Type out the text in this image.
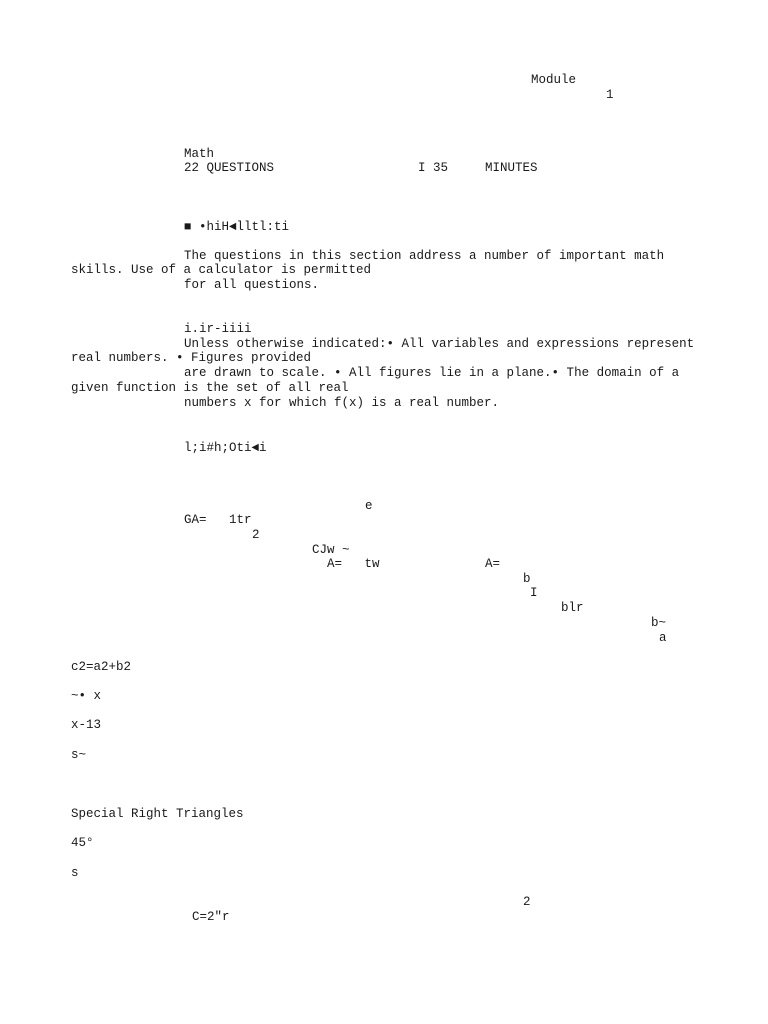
Module
1
Math
22 QUESTIONS	I 35	MINUTES
■ •hiH◄lltl:ti
The questions in this section address a number of important math
skills. Use of a calculator is permitted
for all questions.
i.ir-iiii
Unless otherwise indicated:• All variables and expressions represent
real numbers. • Figures provided
are drawn to scale. • All figures lie in a plane.• The domain of a
given function is the set of all real
numbers x for which f(x) is a real number.
l;i#h;Oti◄i
e
GA=   1tr
2
CJw ~
A=   tw	A=
b
I
blr
b~
a
c2=a2+b2
~• x
x-13
s~
Special Right Triangles
45°
s
2
C=2"r
